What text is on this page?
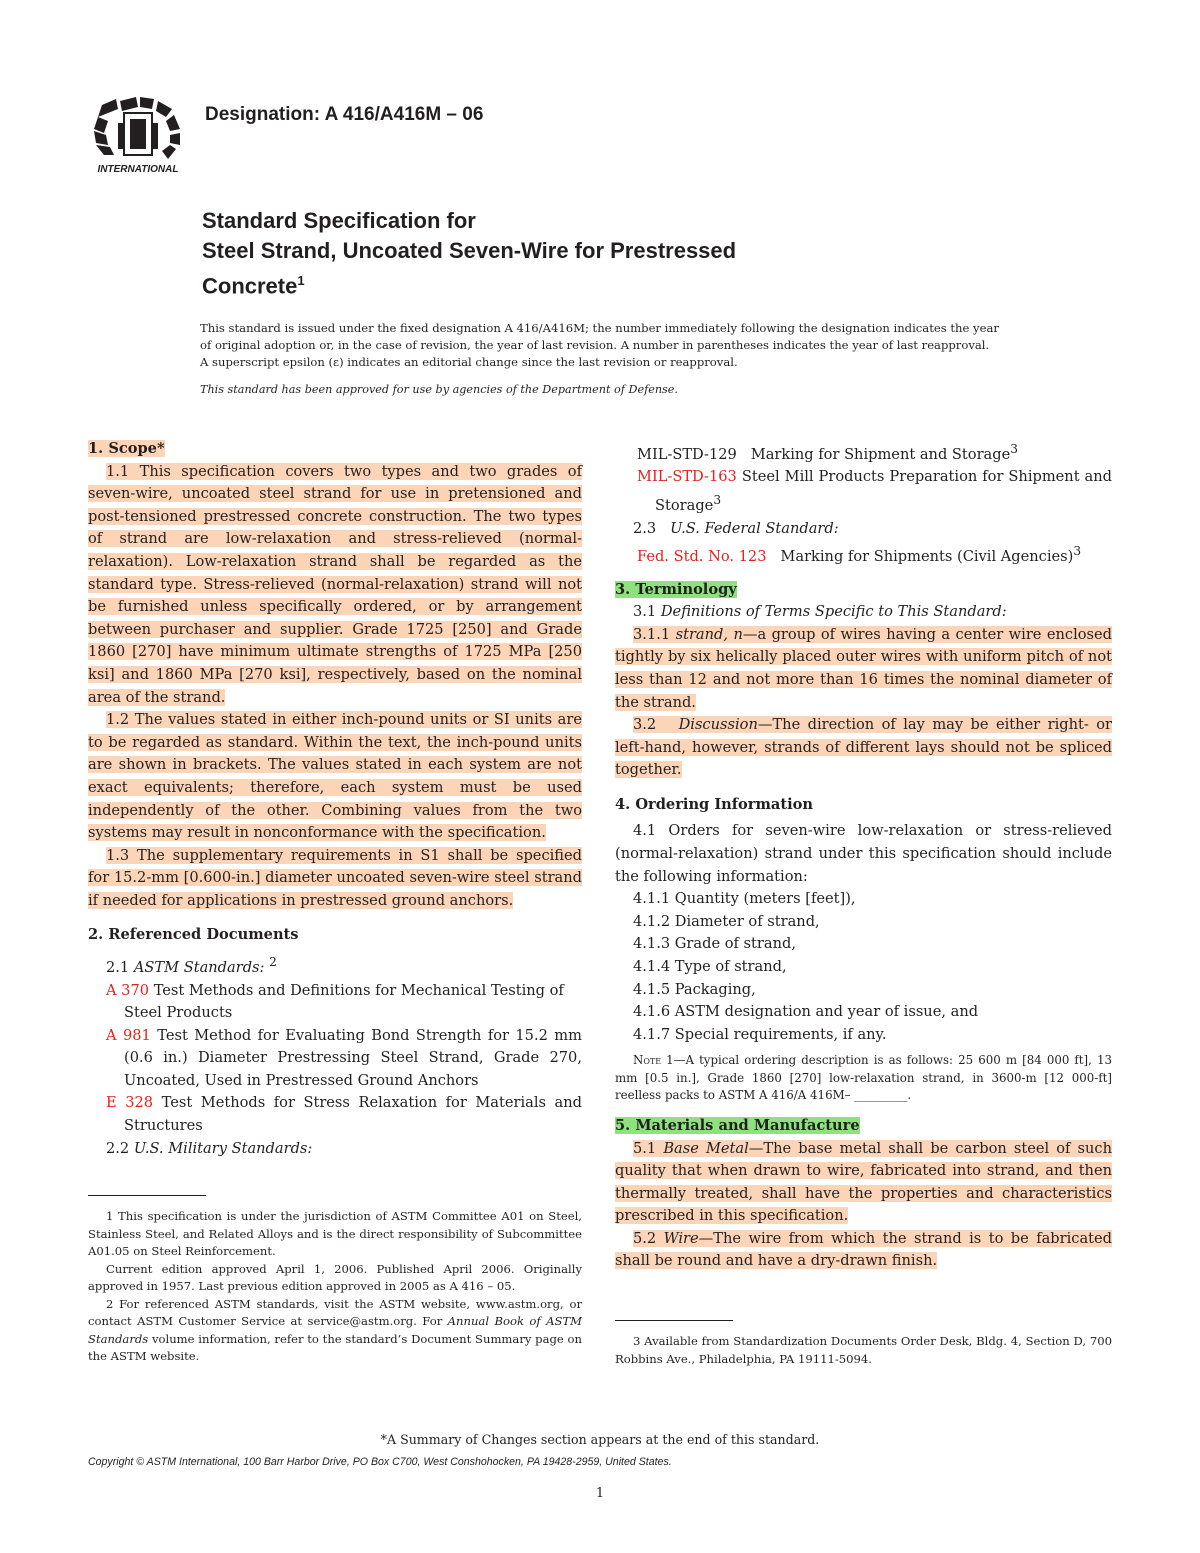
INTERNATIONAL
Designation: A 416/A416M – 06
Standard Specification for
Steel Strand, Uncoated Seven-Wire for Prestressed
Concrete$^1$

This standard is issued under the fixed designation A 416/A416M; the number immediately following the designation indicates the year

of original adoption or, in the case of revision, the year of last revision. A number in parentheses indicates the year of last reapproval.

A superscript epsilon (ε) indicates an editorial change since the last revision or reapproval.

This standard has been approved for use by agencies of the Department of Defense.

1. Scope*

1.1 This specification covers two types and two grades of seven-wire, uncoated steel strand for use in pretensioned and post-tensioned prestressed concrete construction. The two types of strand are low-relaxation and stress-relieved (normal-relaxation). Low-relaxation strand shall be regarded as the standard type. Stress-relieved (normal-relaxation) strand will not be furnished unless specifically ordered, or by arrangement between purchaser and supplier. Grade 1725 [250] and Grade 1860 [270] have minimum ultimate strengths of 1725 MPa [250 ksi] and 1860 MPa [270 ksi], respectively, based on the nominal area of the strand.

1.2 The values stated in either inch-pound units or SI units are to be regarded as standard. Within the text, the inch-pound units are shown in brackets. The values stated in each system are not exact equivalents; therefore, each system must be used independently of the other. Combining values from the two systems may result in nonconformance with the specification.

1.3 The supplementary requirements in S1 shall be specified for 15.2-mm [0.600-in.] diameter uncoated seven-wire steel strand if needed for applications in prestressed ground anchors.

2. Referenced Documents

2.1 ASTM Standards: $^2$

A 370 Test Methods and Definitions for Mechanical Testing of Steel Products

A 981 Test Method for Evaluating Bond Strength for 15.2 mm (0.6 in.) Diameter Prestressing Steel Strand, Grade 270, Uncoated, Used in Prestressed Ground Anchors

E 328 Test Methods for Stress Relaxation for Materials and Structures

2.2 U.S. Military Standards:

1 This specification is under the jurisdiction of ASTM Committee A01 on Steel, Stainless Steel, and Related Alloys and is the direct responsibility of Subcommittee A01.05 on Steel Reinforcement.

Current edition approved April 1, 2006. Published April 2006. Originally approved in 1957. Last previous edition approved in 2005 as A 416 – 05.

2 For referenced ASTM standards, visit the ASTM website, www.astm.org, or contact ASTM Customer Service at service@astm.org. For Annual Book of ASTM Standards volume information, refer to the standard’s Document Summary page on the ASTM website.

MIL-STD-129 Marking for Shipment and Storage$^3$

MIL-STD-163 Steel Mill Products Preparation for Shipment and Storage$^3$

2.3 U.S. Federal Standard:

Fed. Std. No. 123 Marking for Shipments (Civil Agencies)$^3$

3. Terminology

3.1 Definitions of Terms Specific to This Standard:

3.1.1 strand, n—a group of wires having a center wire enclosed tightly by six helically placed outer wires with uniform pitch of not less than 12 and not more than 16 times the nominal diameter of the strand.

3.2 Discussion—The direction of lay may be either right- or left-hand, however, strands of different lays should not be spliced together.

4. Ordering Information

4.1 Orders for seven-wire low-relaxation or stress-relieved (normal-relaxation) strand under this specification should include the following information:

4.1.1 Quantity (meters [feet]),

4.1.2 Diameter of strand,

4.1.3 Grade of strand,

4.1.4 Type of strand,

4.1.5 Packaging,

4.1.6 ASTM designation and year of issue, and

4.1.7 Special requirements, if any.

Note 1—A typical ordering description is as follows: 25 600 m [84 000 ft], 13 mm [0.5 in.], Grade 1860 [270] low-relaxation strand, in 3600-m [12 000-ft] reelless packs to ASTM A 416/A 416M– _________.

5. Materials and Manufacture

5.1 Base Metal—The base metal shall be carbon steel of such quality that when drawn to wire, fabricated into strand, and then thermally treated, shall have the properties and characteristics prescribed in this specification.

5.2 Wire—The wire from which the strand is to be fabricated shall be round and have a dry-drawn finish.

3 Available from Standardization Documents Order Desk, Bldg. 4, Section D, 700 Robbins Ave., Philadelphia, PA 19111-5094.

*A Summary of Changes section appears at the end of this standard.
Copyright © ASTM International, 100 Barr Harbor Drive, PO Box C700, West Conshohocken, PA 19428-2959, United States.
1
